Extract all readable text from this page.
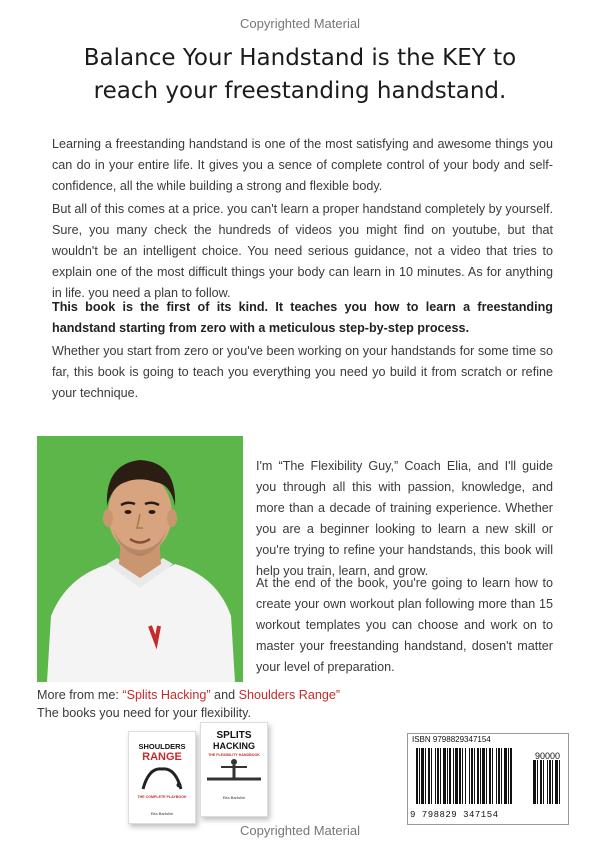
Copyrighted Material
Balance Your Handstand is the KEY to
reach your freestanding handstand.

Learning a freestanding handstand is one of the most satisfying and awesome things you can do in your entire life. It gives you a sence of complete control of your body and self-confidence, all the while building a strong and flexible body.

But all of this comes at a price. you can't learn a proper handstand completely by yourself. Sure, you many check the hundreds of videos you might find on youtube, but that wouldn't be an intelligent choice. You need serious guidance, not a video that tries to explain one of the most difficult things your body can learn in 10 minutes. As for anything in life. you need a plan to follow.

This book is the first of its kind. It teaches you how to learn a freestanding handstand starting from zero with a meticulous step-by-step process.

Whether you start from zero or you've been working on your handstands for some time so far, this book is going to teach you everything you need yo build it from scratch or refine your technique.

I'm “The Flexibility Guy,” Coach Elia, and I'll guide you through all this with passion, knowledge, and more than a decade of training experience. Whether you are a beginner looking to learn a new skill or you're trying to refine your handstands, this book will help you train, learn, and grow.

At the end of the book, you're going to learn how to create your own workout plan following more than 15 workout templates you can choose and work on to master your freestanding handstand, dosen't matter your level of preparation.

More from me: “Splits Hacking” and Shoulders Range”
The books you need for your flexibility.
SHOULDERS
RANGE
THE COMPLETE PLAYBOOK
Elia Bartolini
SPLITS
HACKING
THE FLEXIBILITY HANDBOOK
Elia Bartolini
ISBN 9798829347154
90000
9 798829 347154
Copyrighted Material
